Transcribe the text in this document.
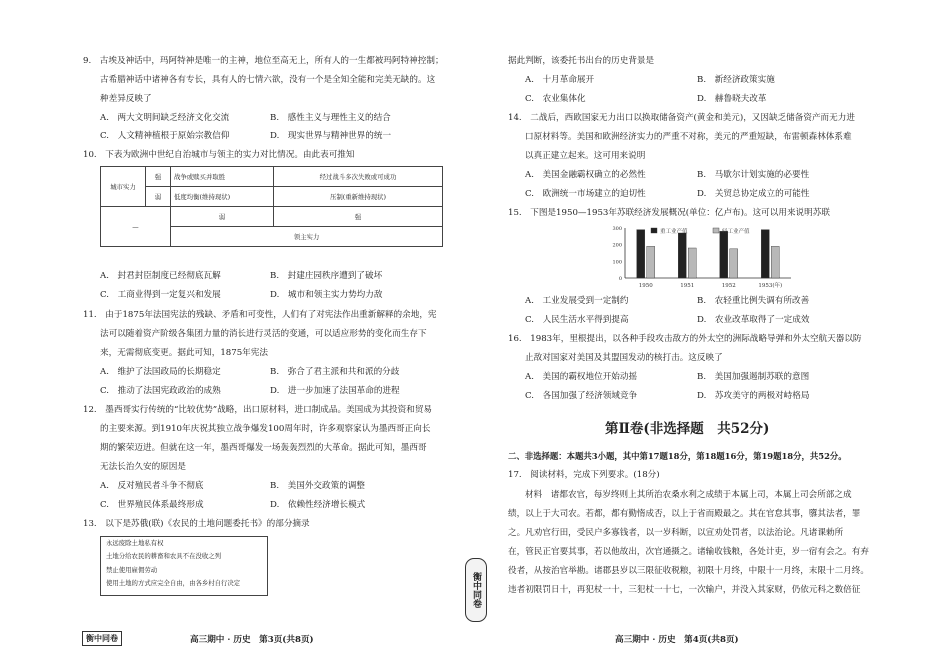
9.　古埃及神话中，玛阿特神是唯一的主神，地位至高无上，所有人的一生都被玛阿特神控制；
古希腊神话中诸神各有专长，具有人的七情六欲，没有一个是全知全能和完美无缺的。这
种差异反映了
A.　两大文明间缺乏经济文化交流	B.　感性主义与理性主义的结合
C.　人文精神植根于原始宗教信仰	D.　现实世界与精神世界的统一
10.　下表为欧洲中世纪自治城市与领主的实力对比情况。由此表可推知
城市实力	强	战争或赎买并取胜	经过战斗多次失败或可成功
	弱	低度均衡(维持现状)	压制(重新维持现状)
—		弱	强
		领主实力	
A.　封君封臣制度已经彻底瓦解	B.　封建庄园秩序遭到了破坏
C.　工商业得到一定复兴和发展	D.　城市和领主实力势均力敌
11.　由于1875年法国宪法的残缺、矛盾和可变性，人们有了对宪法作出重新解释的余地，宪
法可以随着资产阶级各集团力量的消长进行灵活的变通，可以适应形势的变化而生存下
来，无需彻底变更。据此可知，1875年宪法
A.　维护了法国政局的长期稳定	B.　弥合了君主派和共和派的分歧
C.　推动了法国宪政政治的成熟	D.　进一步加速了法国革命的进程
12.　墨西哥实行传统的“比较优势”战略，出口原材料，进口制成品。美国成为其投资和贸易
的主要来源。到1910年庆祝其独立战争爆发100周年时，许多观察家认为墨西哥正向长
期的繁荣迈进。但就在这一年，墨西哥爆发一场轰轰烈烈的大革命。据此可知，墨西哥
无法长治久安的原因是
A.　反对殖民者斗争不彻底	B.　美国外交政策的调整
C.　世界殖民体系最终形成	D.　依赖性经济增长模式
13.　以下是苏俄(联)《农民的土地问题委托书》的部分摘录
永远废除土地私有权
土地分给农民的耕畜和农具不在没收之列
禁止使用雇佣劳动
使用土地的方式应完全自由，由各乡村自行决定
衡中同卷	高三期中 · 历史　第3页(共8页)
衡中同卷
据此判断，该委托书出台的历史背景是
A.　十月革命展开	B.　新经济政策实施
C.　农业集体化	D.　赫鲁晓夫改革
14.　二战后，西欧国家无力出口以换取储备资产(黄金和美元)，又因缺乏储备资产而无力进
口原材料等。美国和欧洲经济实力的严重不对称，美元的严重短缺，布雷顿森林体系难
以真正建立起来。这可用来说明
A.　美国金融霸权确立的必然性	B.　马歇尔计划实施的必要性
C.　欧洲统一市场建立的迫切性	D.　关贸总协定成立的可能性
15.　下图是1950—1953年苏联经济发展概况(单位：亿卢布)。这可以用来说明苏联
0
100
200
300
1950	1951	1952	1953(年)
重工业产值	轻工业产值
A.　工业发展受到一定制约	B.　农轻重比例失调有所改善
C.　人民生活水平得到提高	D.　农业改革取得了一定成效
16.　1983年，里根提出，以各种手段攻击敌方的外太空的洲际战略导弹和外太空航天器以防
止敌对国家对美国及其盟国发动的核打击。这反映了
A.　美国的霸权地位开始动摇	B.　美国加强遏制苏联的意图
C.　各国加强了经济领域竞争	D.　苏攻美守的两极对峙格局
第Ⅱ卷(非选择题　共52分)
二、非选择题：本题共3小题，其中第17题18分，第18题16分，第19题18分，共52分。
17.　阅读材料，完成下列要求。(18分)
材料　诸都农官，每岁终则上其所治农桑水利之成绩于本属上司，本属上司会所部之成
绩，以上于大司农。若都，都有勤惰成否，以上于省而殿最之。其在官怠其事，隳其法者，罪
之。凡劝官行田，受民户多寡钱者，以一岁科断，以宣劝处罚者，以法治论。凡诸课勅所
在，管民正官要其事，若以他故出，次官通摄之。诸输收钱粮，各处计吏，岁一宿有会之。有弃
役者，从按治官举勘。诸郡县岁以三限征收税粮，初限十月终，中限十一月终，末限十二月终。
违者初限罚日十，再犯杖一十，三犯杖一十七，一次输户，并没入其家财，仍依元科之数倍征
高三期中 · 历史　第4页(共8页)
